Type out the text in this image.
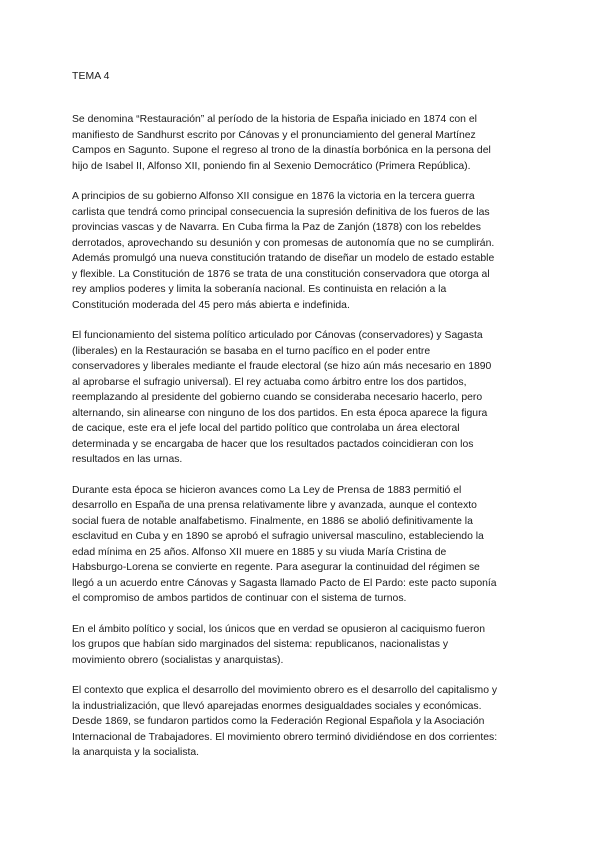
TEMA 4
Se denomina “Restauración” al período de la historia de España iniciado en 1874 con el
manifiesto de Sandhurst escrito por Cánovas y el pronunciamiento del general Martínez
Campos en Sagunto. Supone el regreso al trono de la dinastía borbónica en la persona del
hijo de Isabel II, Alfonso XII, poniendo fin al Sexenio Democrático (Primera República).
A principios de su gobierno Alfonso XII consigue en 1876 la victoria en la tercera guerra
carlista que tendrá como principal consecuencia la supresión definitiva de los fueros de las
provincias vascas y de Navarra. En Cuba firma la Paz de Zanjón (1878) con los rebeldes
derrotados, aprovechando su desunión y con promesas de autonomía que no se cumplirán.
Además promulgó una nueva constitución tratando de diseñar un modelo de estado estable
y flexible. La Constitución de 1876 se trata de una constitución conservadora que otorga al
rey amplios poderes y limita la soberanía nacional. Es continuista en relación a la
Constitución moderada del 45 pero más abierta e indefinida.
El funcionamiento del sistema político articulado por Cánovas (conservadores) y Sagasta
(liberales) en la Restauración se basaba en el turno pacífico en el poder entre
conservadores y liberales mediante el fraude electoral (se hizo aún más necesario en 1890
al aprobarse el sufragio universal). El rey actuaba como árbitro entre los dos partidos,
reemplazando al presidente del gobierno cuando se consideraba necesario hacerlo, pero
alternando, sin alinearse con ninguno de los dos partidos. En esta época aparece la figura
de cacique, este era el jefe local del partido político que controlaba un área electoral
determinada y se encargaba de hacer que los resultados pactados coincidieran con los
resultados en las urnas.
Durante esta época se hicieron avances como La Ley de Prensa de 1883 permitió el
desarrollo en España de una prensa relativamente libre y avanzada, aunque el contexto
social fuera de notable analfabetismo. Finalmente, en 1886 se abolió definitivamente la
esclavitud en Cuba y en 1890 se aprobó el sufragio universal masculino, estableciendo la
edad mínima en 25 años. Alfonso XII muere en 1885 y su viuda María Cristina de
Habsburgo-Lorena se convierte en regente. Para asegurar la continuidad del régimen se
llegó a un acuerdo entre Cánovas y Sagasta llamado Pacto de El Pardo: este pacto suponía
el compromiso de ambos partidos de continuar con el sistema de turnos.
En el ámbito político y social, los únicos que en verdad se opusieron al caciquismo fueron
los grupos que habían sido marginados del sistema: republicanos, nacionalistas y
movimiento obrero (socialistas y anarquistas).
El contexto que explica el desarrollo del movimiento obrero es el desarrollo del capitalismo y
la industrialización, que llevó aparejadas enormes desigualdades sociales y económicas.
Desde 1869, se fundaron partidos como la Federación Regional Española y la Asociación
Internacional de Trabajadores. El movimiento obrero terminó dividiéndose en dos corrientes:
la anarquista y la socialista.
